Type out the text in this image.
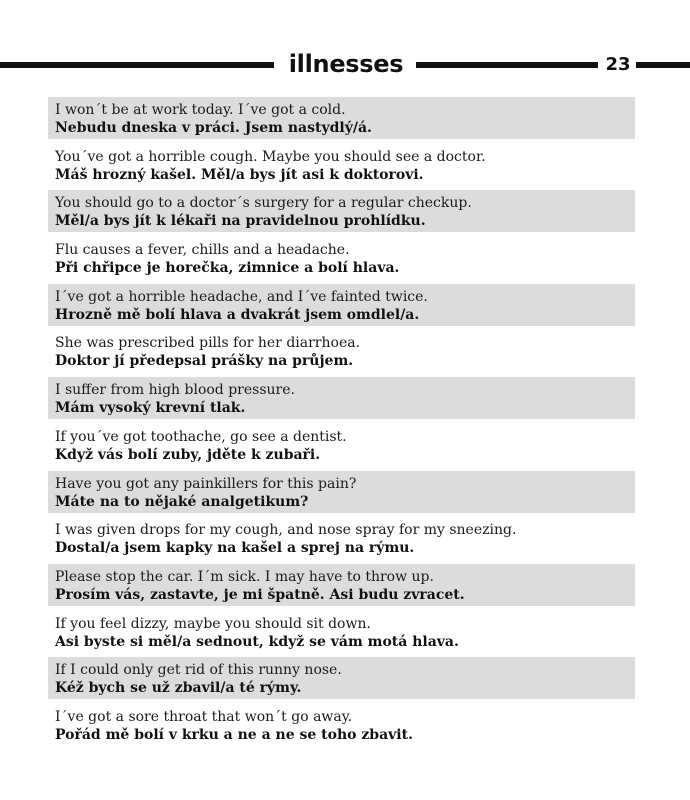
illnesses	23
I won´t be at work today. I´ve got a cold.
Nebudu dneska v práci. Jsem nastydlý/á.
You´ve got a horrible cough. Maybe you should see a doctor.
Máš hrozný kašel. Měl/a bys jít asi k doktorovi.
You should go to a doctor´s surgery for a regular checkup.
Měl/a bys jít k lékaři na pravidelnou prohlídku.
Flu causes a fever, chills and a headache.
Při chřipce je horečka, zimnice a bolí hlava.
I´ve got a horrible headache, and I´ve fainted twice.
Hrozně mě bolí hlava a dvakrát jsem omdlel/a.
She was prescribed pills for her diarrhoea.
Doktor jí předepsal prášky na průjem.
I suffer from high blood pressure.
Mám vysoký krevní tlak.
If you´ve got toothache, go see a dentist.
Když vás bolí zuby, jděte k zubaři.
Have you got any painkillers for this pain?
Máte na to nějaké analgetikum?
I was given drops for my cough, and nose spray for my sneezing.
Dostal/a jsem kapky na kašel a sprej na rýmu.
Please stop the car. I´m sick. I may have to throw up.
Prosím vás, zastavte, je mi špatně. Asi budu zvracet.
If you feel dizzy, maybe you should sit down.
Asi byste si měl/a sednout, když se vám motá hlava.
If I could only get rid of this runny nose.
Kéž bych se už zbavil/a té rýmy.
I´ve got a sore throat that won´t go away.
Pořád mě bolí v krku a ne a ne se toho zbavit.
